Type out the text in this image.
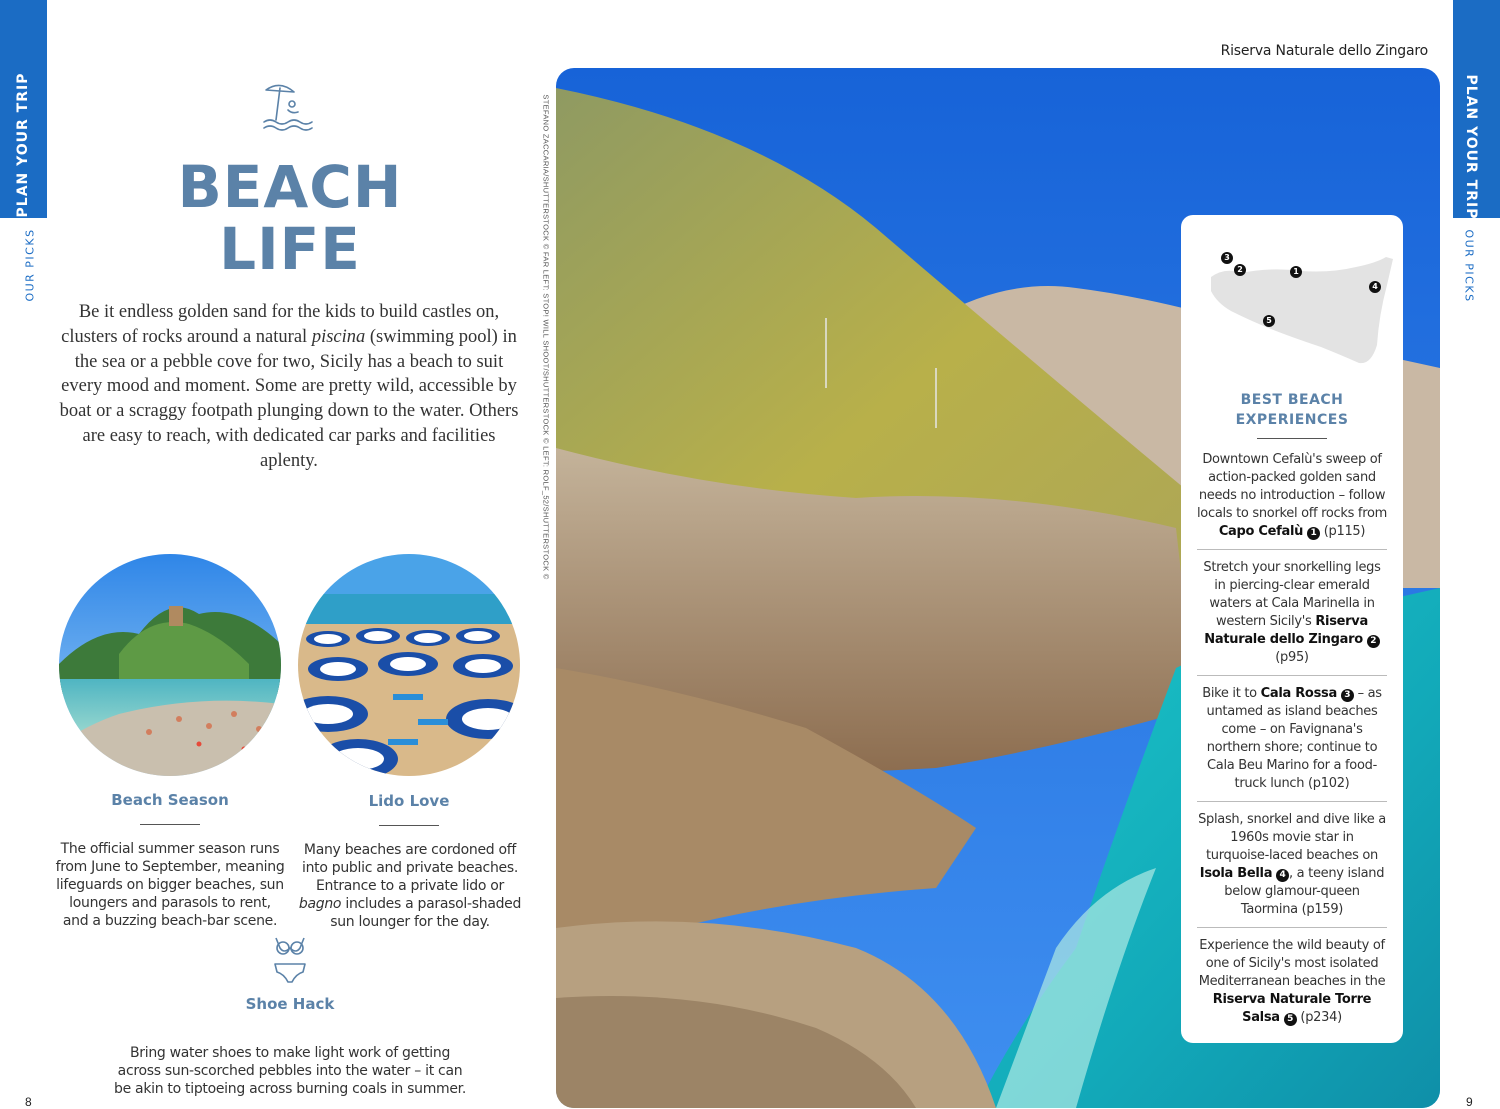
PLAN YOUR TRIP
OUR PICKS
PLAN YOUR TRIP
OUR PICKS
BEACH
LIFE

Be it endless golden sand for the kids to build castles on, clusters of rocks around a natural piscina (swimming pool) in the sea or a pebble cove for two, Sicily has a beach to suit every mood and moment. Some are pretty wild, accessible by boat or a scraggy footpath plunging down to the water. Others are easy to reach, with dedicated car parks and facilities aplenty.

Beach Season
The official summer season runs from June to September, meaning lifeguards on bigger beaches, sun loungers and parasols to rent, and a buzzing beach-bar scene.
Lido Love

Many beaches are cordoned off into public and private beaches. Entrance to a private lido or bagno includes a parasol-shaded sun lounger for the day.

Shoe Hack
Bring water shoes to make light work of getting across sun-scorched pebbles into the water – it can be akin to tiptoeing across burning coals in summer.
STEFANO ZACCARIA/SHUTTERSTOCK © FAR LEFT: STOP! WILL SHOOT/SHUTTERSTOCK © LEFT: ROLF_52/SHUTTERSTOCK ©
8	9
Riserva Naturale dello Zingaro
3
2	1
4
5
BEST BEACH
EXPERIENCES

Downtown Cefalù's sweep of action-packed golden sand needs no introduction – follow locals to snorkel off rocks from Capo Cefalù 1 (p115)

Stretch your snorkelling legs in piercing-clear emerald waters at Cala Marinella in western Sicily's Riserva Naturale dello Zingaro 2 (p95)

Bike it to Cala Rossa 3 – as untamed as island beaches come – on Favignana's northern shore; continue to Cala Beu Marino for a food-truck lunch (p102)

Splash, snorkel and dive like a 1960s movie star in turquoise-laced beaches on Isola Bella 4 , a teeny island below glamour-queen Taormina (p159)

Experience the wild beauty of one of Sicily's most isolated Mediterranean beaches in the Riserva Naturale Torre Salsa 5 (p234)
